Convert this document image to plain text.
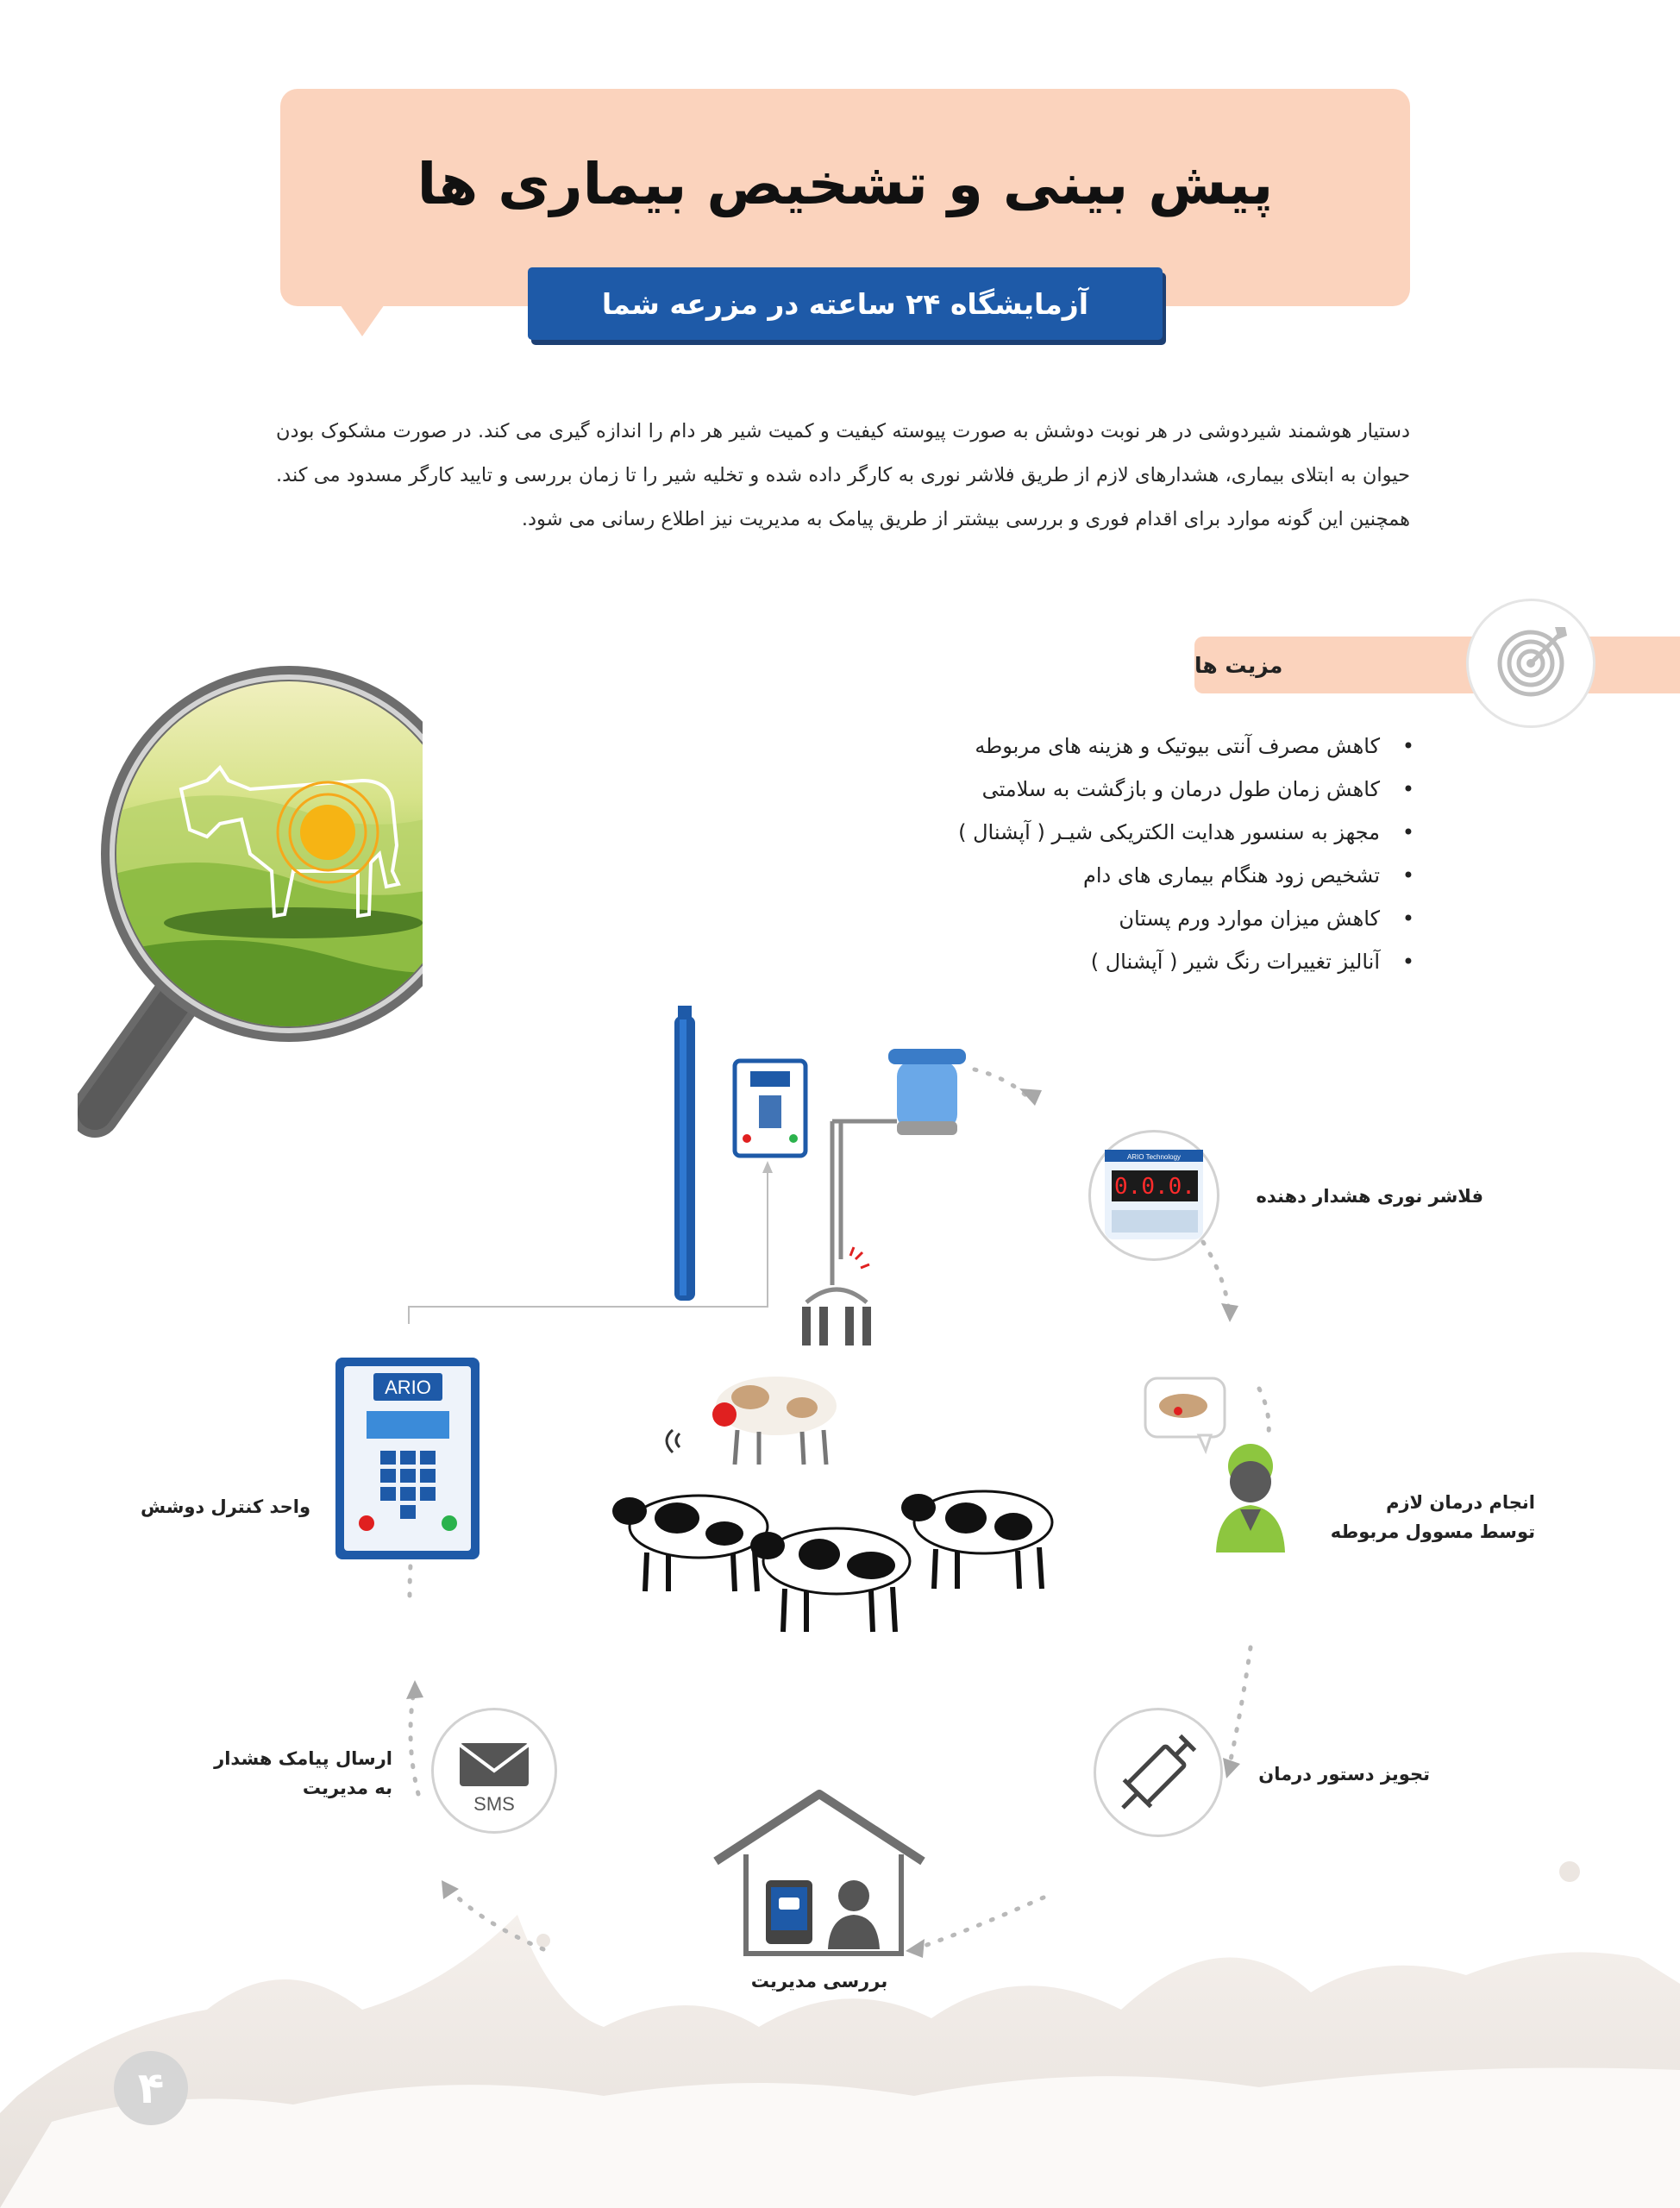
پیش بینی و تشخیص بیماری ها
آزمایشگاه ۲۴ ساعته در مزرعه شما
دستیار هوشمند شیردوشی در هر نوبت دوشش به صورت پیوسته کیفیت و کمیت شیر هر دام را اندازه گیری می کند. در صورت مشکوک بودن حیوان به ابتلای بیماری، هشدارهای لازم از طریق فلاشر نوری به کارگر داده شده و تخلیه شیر را تا زمان بررسی و تایید کارگر مسدود می کند. همچنین این گونه موارد برای اقدام فوری و بررسی بیشتر از طریق پیامک به مدیریت نیز اطلاع رسانی می شود.
مزیت ها
• کاهش مصرف آنتی بیوتیک و هزینه های مربوطه
• کاهش زمان طول درمان و بازگشت به سلامتی
• مجهز به سنسور هدایت الکتریکی شیـر ( آپشنال )
• تشخیص زود هنگام بیماری های دام
• کاهش میزان موارد ورم پستان
• آنالیز تغییرات رنگ شیر ( آپشنال )
0.0.0.
ARIO Technology
فلاشر نوری هشدار دهنده
انجام درمان لازم توسط مسوول مربوطه
تجویز دستور درمان
بررسی مدیریت
SMS
ارسال پیامک هشدار به مدیریت
ARIO
واحد کنترل دوشش
۴
